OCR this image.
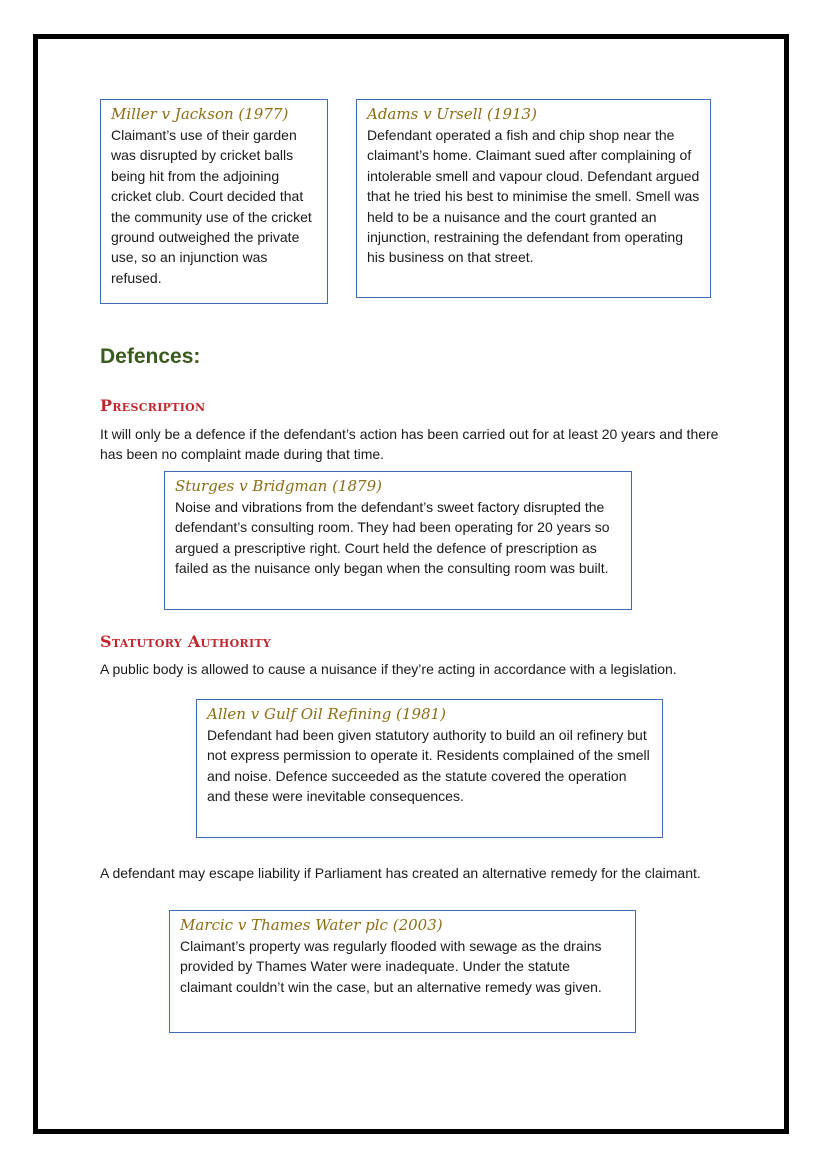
Miller v Jackson (1977)
Claimant’s use of their garden was disrupted by cricket balls being hit from the adjoining cricket club. Court decided that the community use of the cricket ground outweighed the private use, so an injunction was refused.
Adams v Ursell (1913)
Defendant operated a fish and chip shop near the claimant’s home. Claimant sued after complaining of intolerable smell and vapour cloud. Defendant argued that he tried his best to minimise the smell. Smell was held to be a nuisance and the court granted an injunction, restraining the defendant from operating his business on that street.
Defences:
Prescription

It will only be a defence if the defendant’s action has been carried out for at least 20 years and there has been no complaint made during that time.

Sturges v Bridgman (1879)
Noise and vibrations from the defendant’s sweet factory disrupted the defendant’s consulting room. They had been operating for 20 years so argued a prescriptive right. Court held the defence of prescription as failed as the nuisance only began when the consulting room was built.
Statutory Authority

A public body is allowed to cause a nuisance if they’re acting in accordance with a legislation.

Allen v Gulf Oil Refining (1981)
Defendant had been given statutory authority to build an oil refinery but not express permission to operate it. Residents complained of the smell and noise. Defence succeeded as the statute covered the operation and these were inevitable consequences.

A defendant may escape liability if Parliament has created an alternative remedy for the claimant.

Marcic v Thames Water plc (2003)
Claimant’s property was regularly flooded with sewage as the drains provided by Thames Water were inadequate. Under the statute claimant couldn’t win the case, but an alternative remedy was given.
